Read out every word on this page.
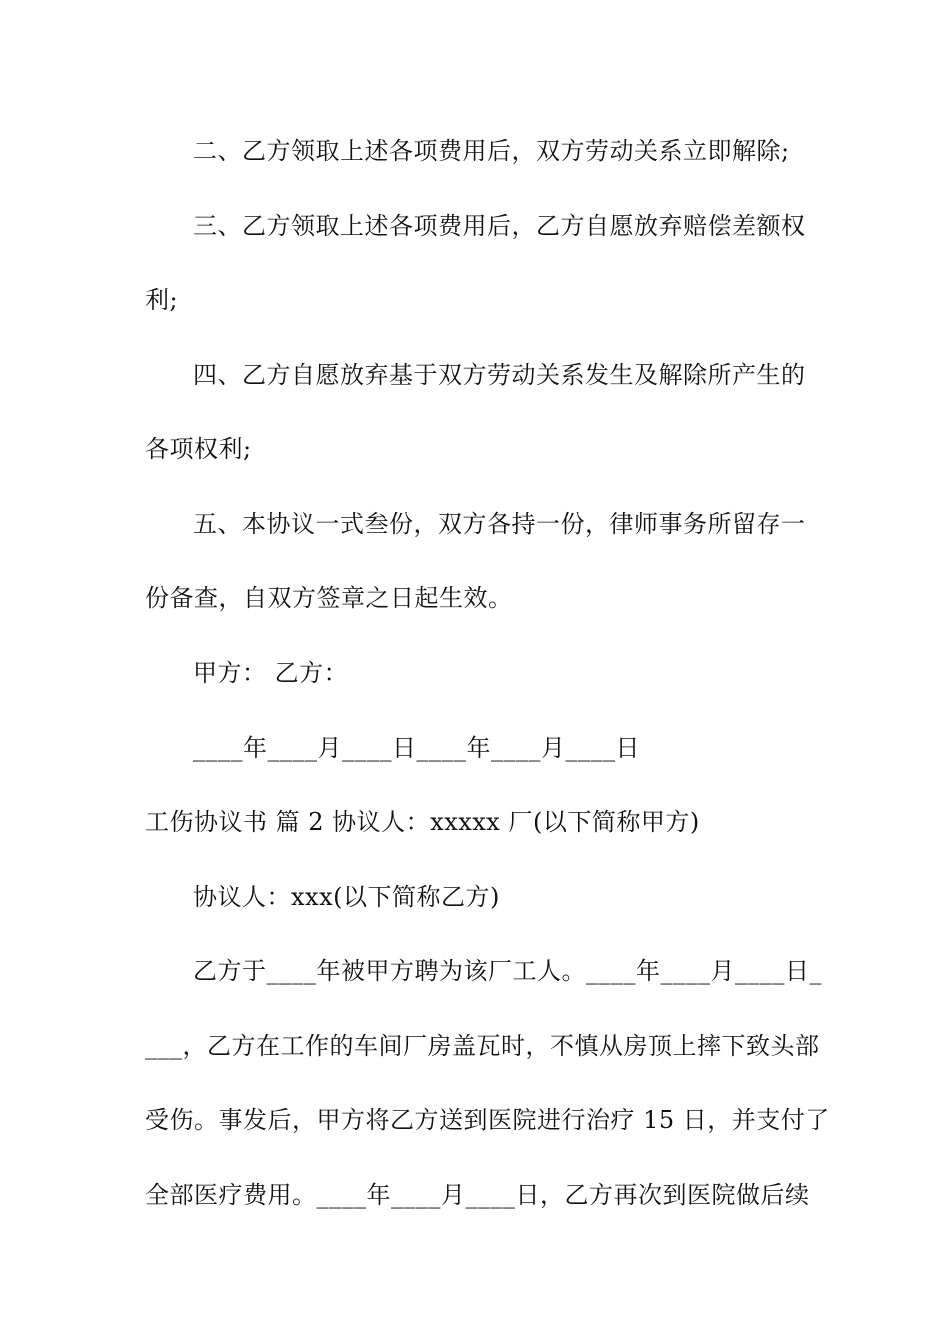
二、乙方领取上述各项费用后，双方劳动关系立即解除;
三、乙方领取上述各项费用后，乙方自愿放弃赔偿差额权
利;
四、乙方自愿放弃基于双方劳动关系发生及解除所产生的
各项权利;
五、本协议一式叁份，双方各持一份，律师事务所留存一
份备查，自双方签章之日起生效。
甲方： 乙方：
____年____月____日____年____月____日
工伤协议书 篇 2 协议人：xxxxx 厂(以下简称甲方)
协议人：xxx(以下简称乙方)
乙方于____年被甲方聘为该厂工人。____年____月____日_
___，乙方在工作的车间厂房盖瓦时，不慎从房顶上摔下致头部
受伤。事发后，甲方将乙方送到医院进行治疗 15 日，并支付了
全部医疗费用。____年____月____日，乙方再次到医院做后续
